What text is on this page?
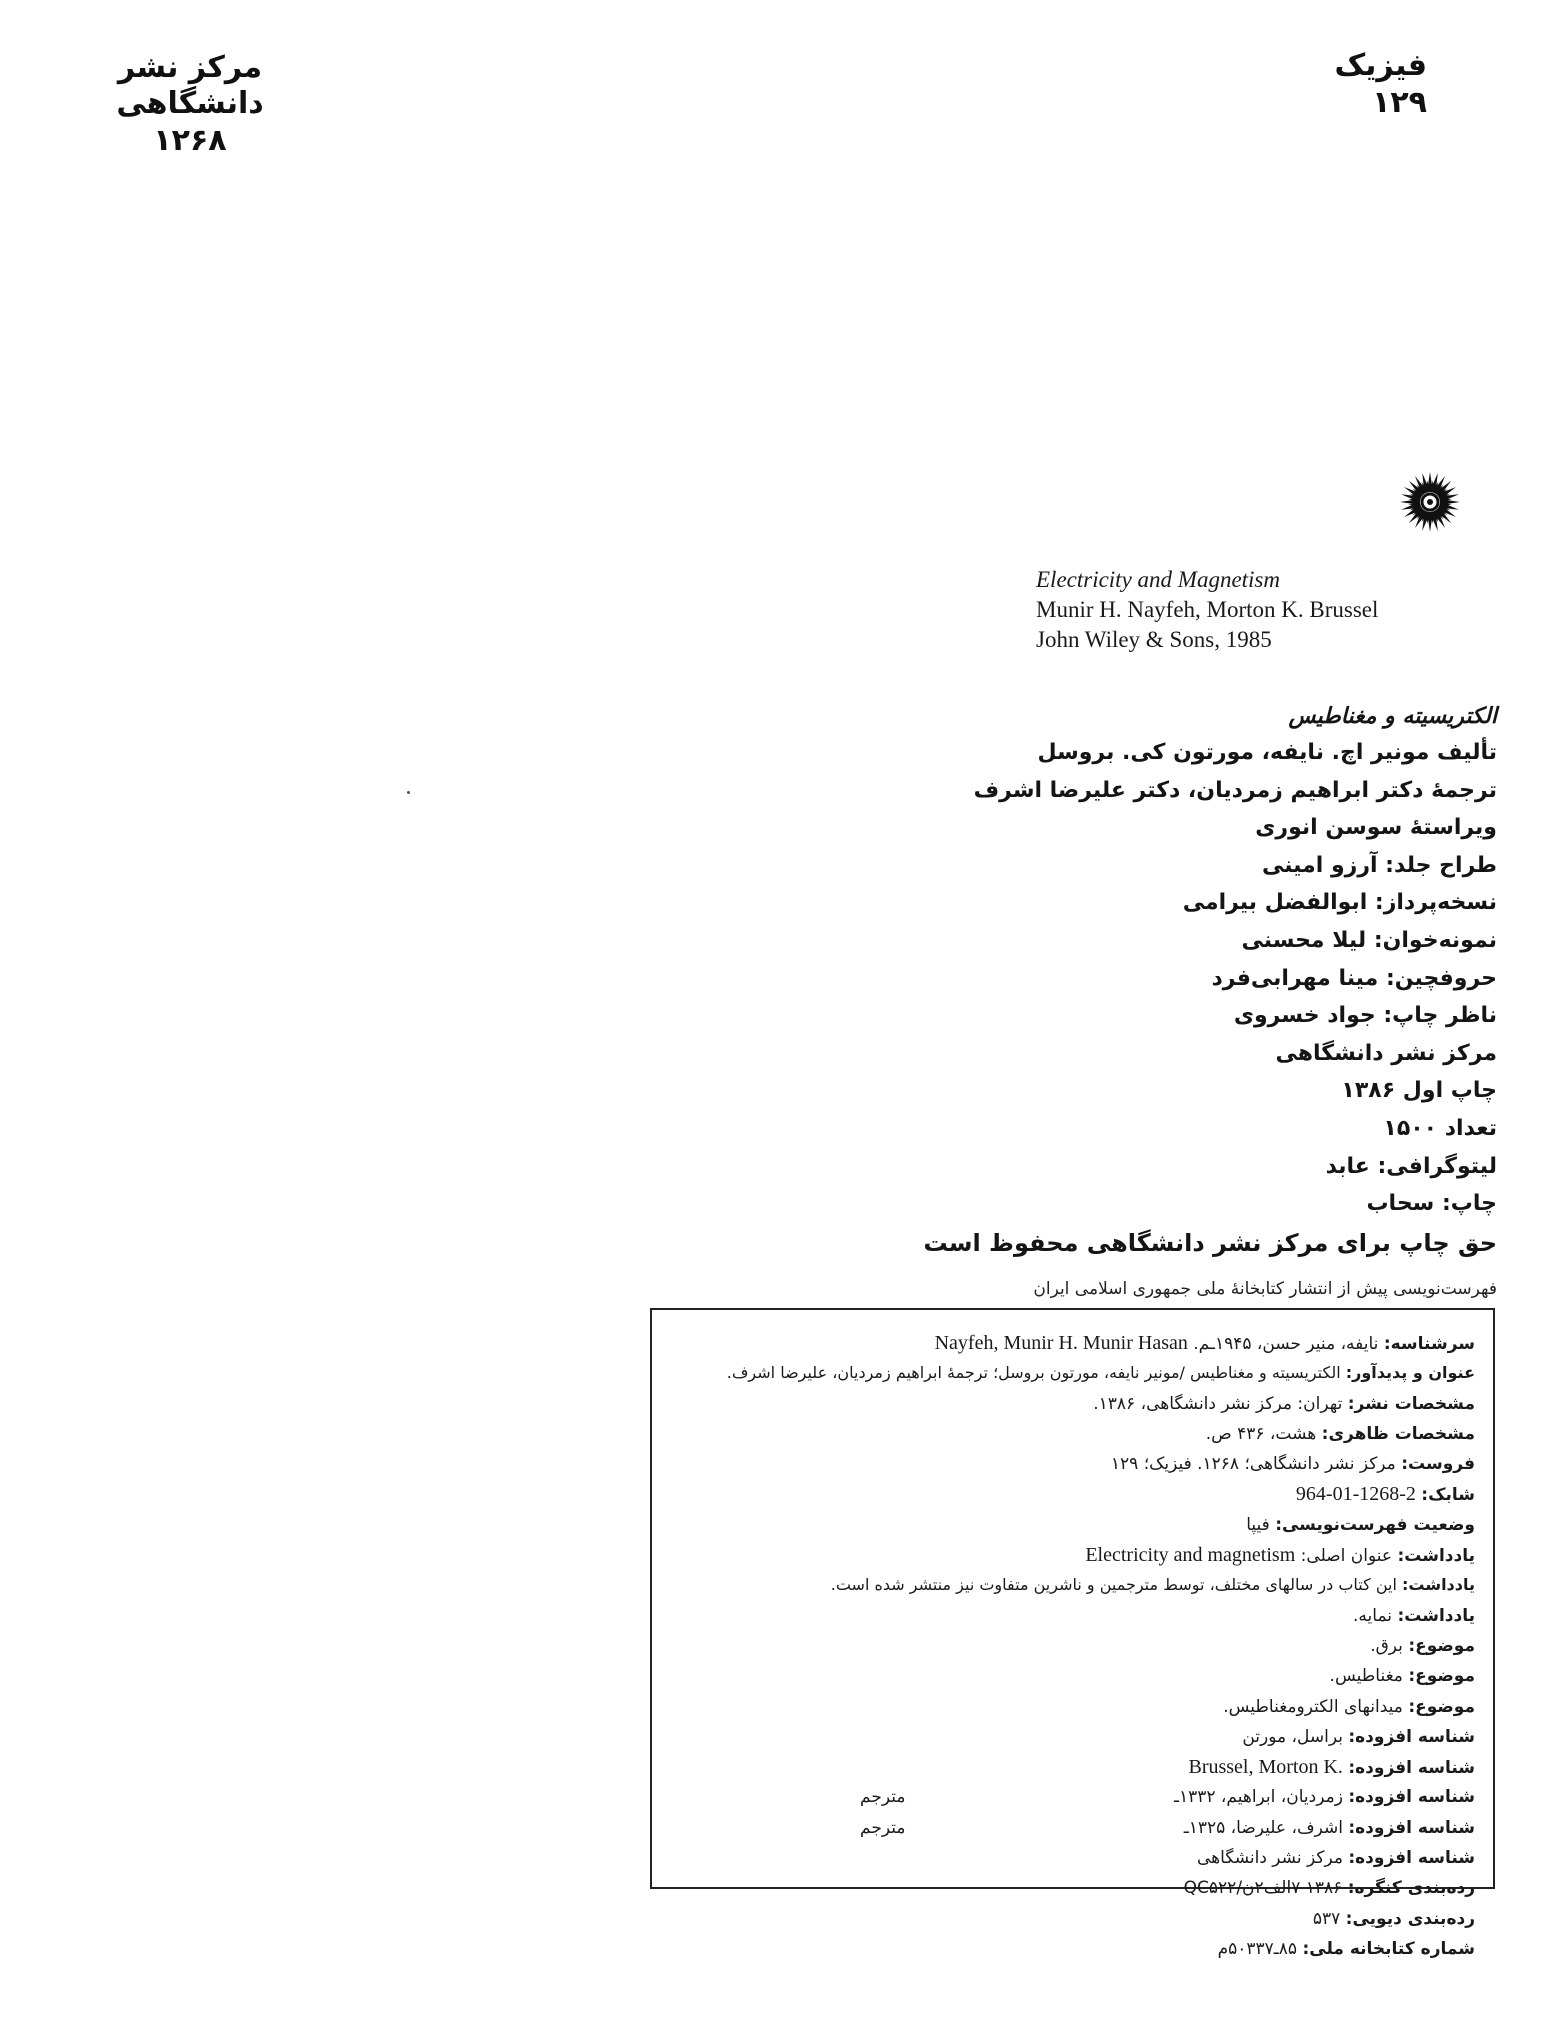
فیزیک
۱۲۹
مرکز نشر دانشگاهی
۱۲۶۸
Electricity and Magnetism
Munir H. Nayfeh, Morton K. Brussel
John Wiley & Sons, 1985
الکتریسیته و مغناطیس
تألیف مونیر اچ. نایفه، مورتون کی. بروسل
ترجمهٔ دکتر ابراهیم زمردیان، دکتر علیرضا اشرف
ویراستهٔ سوسن انوری
طراح جلد: آرزو امینی
نسخه‌پرداز: ابوالفضل بیرامی
نمونه‌خوان: لیلا محسنی
حروفچین: مینا مهرابی‌فرد
ناظر چاپ: جواد خسروی
مرکز نشر دانشگاهی
چاپ اول ۱۳۸۶
تعداد ۱۵۰۰
لیتوگرافی: عابد
چاپ: سحاب
حق چاپ برای مرکز نشر دانشگاهی محفوظ است
فهرست‌نویسی پیش از انتشار کتابخانهٔ ملی جمهوری اسلامی ایران
سرشناسه: نایفه، منیر حسن، ۱۹۴۵ـم. Nayfeh, Munir H. Munir Hasan
عنوان و پدیدآور: الکتریسیته و مغناطیس /مونیر نایفه، مورتون بروسل؛ ترجمهٔ ابراهیم زمردیان، علیرضا اشرف.
مشخصات نشر: تهران: مرکز نشر دانشگاهی، ۱۳۸۶.
مشخصات ظاهری: هشت، ۴۳۶ ص.
فروست: مرکز نشر دانشگاهی؛ ۱۲۶۸. فیزیک؛ ۱۲۹
شابک: 964-01-1268-2
وضعیت فهرست‌نویسی: فیپا
یادداشت: عنوان اصلی: Electricity and magnetism
یادداشت: این کتاب در سالهای مختلف، توسط مترجمین و ناشرین متفاوت نیز منتشر شده است.
یادداشت: نمایه.
موضوع: برق.
موضوع: مغناطیس.
موضوع: میدانهای الکترومغناطیس.
شناسه افزوده: براسل، مورتن
شناسه افزوده: Brussel, Morton K.
شناسه افزوده: زمردیان، ابراهیم، ۱۳۳۲ـ
مترجم
شناسه افزوده: اشرف، علیرضا، ۱۳۲۵ـ
مترجم
شناسه افزوده: مرکز نشر دانشگاهی
رده‌بندی کنگره: ۱۳۸۶ ۷الف۲ن/QC۵۲۲
رده‌بندی دیویی: ۵۳۷
شماره کتابخانه ملی: ۸۵ـ۵۰۳۳۷م
